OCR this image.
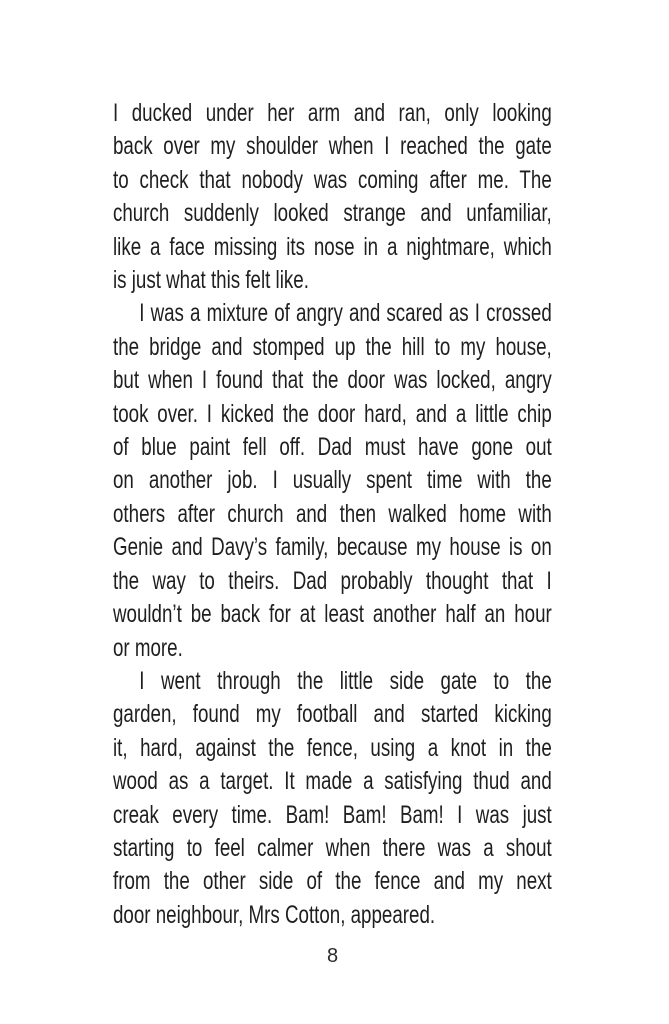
I ducked under her arm and ran, only looking
back over my shoulder when I reached the gate
to check that nobody was coming after me. The
church suddenly looked strange and unfamiliar,
like a face missing its nose in a nightmare, which
is just what this felt like.
I was a mixture of angry and scared as I crossed
the bridge and stomped up the hill to my house,
but when I found that the door was locked, angry
took over. I kicked the door hard, and a little chip
of blue paint fell off. Dad must have gone out
on another job. I usually spent time with the
others after church and then walked home with
Genie and Davy’s family, because my house is on
the way to theirs. Dad probably thought that I
wouldn’t be back for at least another half an hour
or more.
I went through the little side gate to the
garden, found my football and started kicking
it, hard, against the fence, using a knot in the
wood as a target. It made a satisfying thud and
creak every time. Bam! Bam! Bam! I was just
starting to feel calmer when there was a shout
from the other side of the fence and my next
door neighbour, Mrs Cotton, appeared.
8
